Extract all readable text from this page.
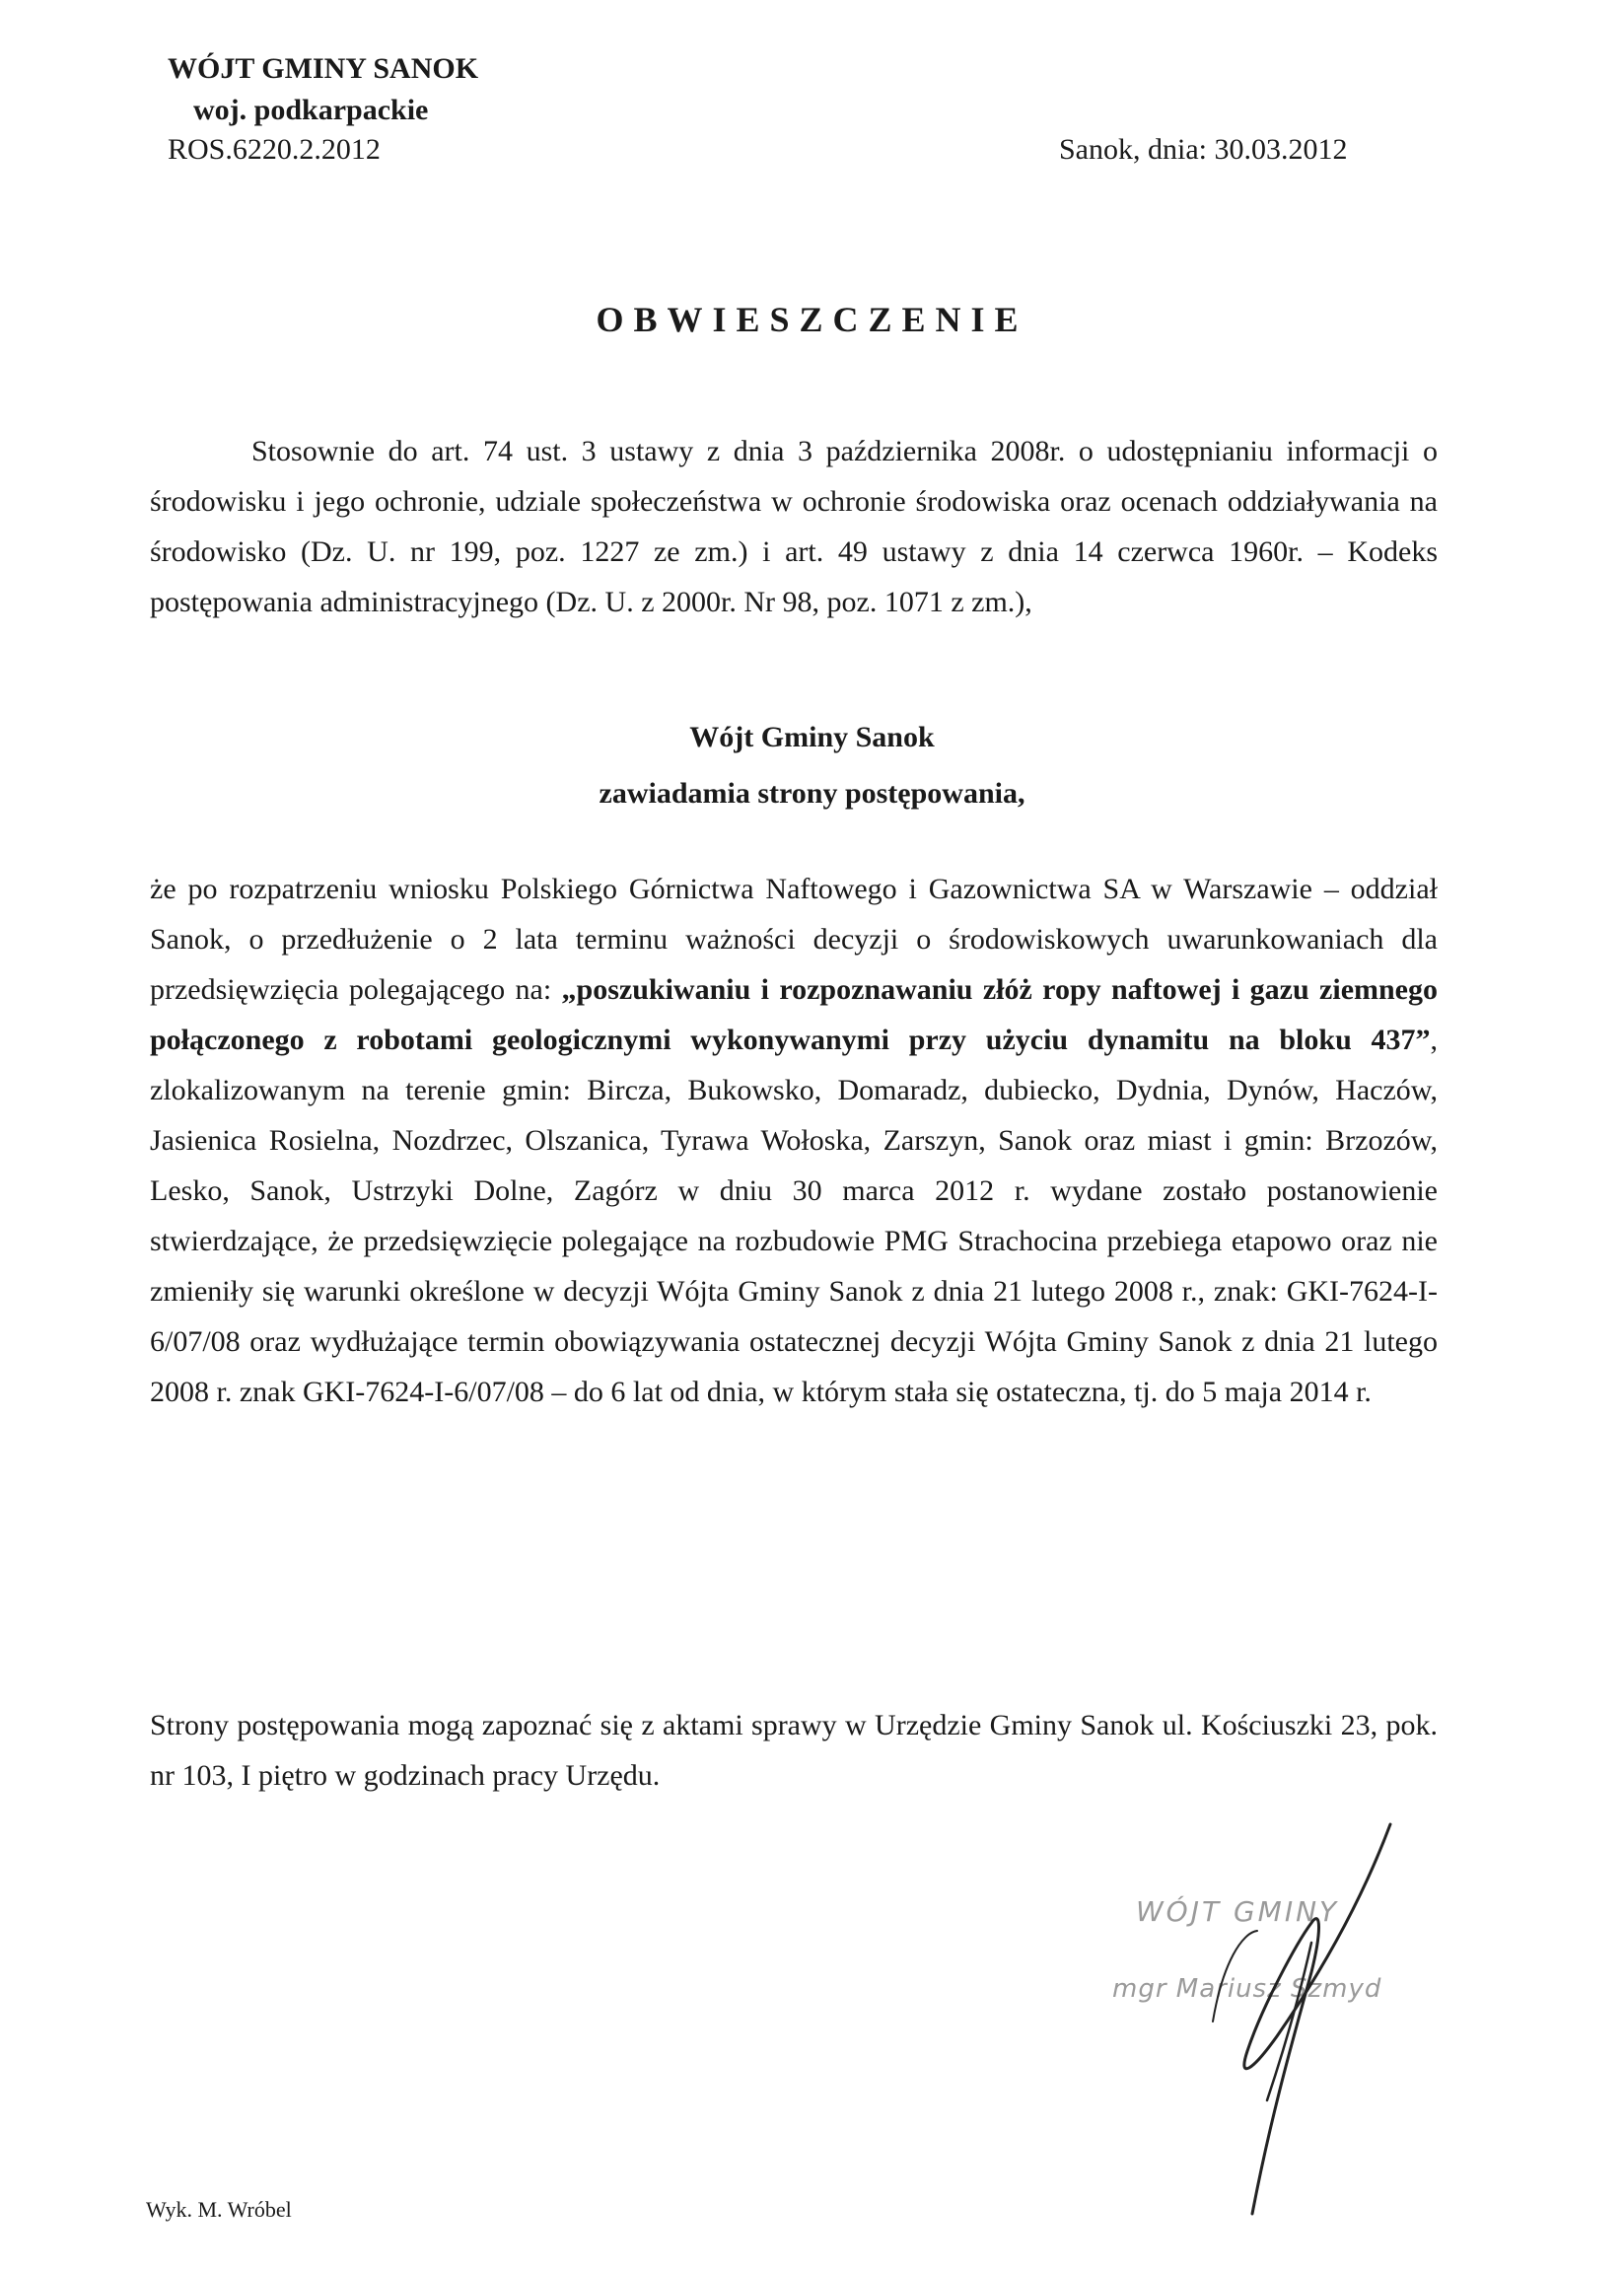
WÓJT GMINY SANOK
woj. podkarpackie
ROS.6220.2.2012	Sanok, dnia: 30.03.2012
OBWIESZCZENIE

Stosownie do art. 74 ust. 3 ustawy z dnia 3 października 2008r. o udostępnianiu informacji o środowisku i jego ochronie, udziale społeczeństwa w ochronie środowiska oraz ocenach oddziaływania na środowisko (Dz. U. nr 199, poz. 1227 ze zm.) i art. 49 ustawy z dnia 14 czerwca 1960r. – Kodeks postępowania administracyjnego (Dz. U. z 2000r. Nr 98, poz. 1071 z zm.),

Wójt Gminy Sanok
zawiadamia strony postępowania,

że po rozpatrzeniu wniosku Polskiego Górnictwa Naftowego i Gazownictwa SA w Warszawie – oddział Sanok, o przedłużenie o 2 lata terminu ważności decyzji o środowiskowych uwarunkowaniach dla przedsięwzięcia polegającego na: „poszukiwaniu i rozpoznawaniu złóż ropy naftowej i gazu ziemnego połączonego z robotami geologicznymi wykonywanymi przy użyciu dynamitu na bloku 437”, zlokalizowanym na terenie gmin: Bircza, Bukowsko, Domaradz, dubiecko, Dydnia, Dynów, Haczów, Jasienica Rosielna, Nozdrzec, Olszanica, Tyrawa Wołoska, Zarszyn, Sanok oraz miast i gmin: Brzozów, Lesko, Sanok, Ustrzyki Dolne, Zagórz w dniu 30 marca 2012 r. wydane zostało postanowienie stwierdzające, że przedsięwzięcie polegające na rozbudowie PMG Strachocina przebiega etapowo oraz nie zmieniły się warunki określone w decyzji Wójta Gminy Sanok z dnia 21 lutego 2008 r., znak: GKI-7624-I-6/07/08 oraz wydłużające termin obowiązywania ostatecznej decyzji Wójta Gminy Sanok z dnia 21 lutego 2008 r. znak GKI-7624-I-6/07/08 – do 6 lat od dnia, w którym stała się ostateczna, tj. do 5 maja 2014 r.

Strony postępowania mogą zapoznać się z aktami sprawy w Urzędzie Gminy Sanok ul. Kościuszki 23, pok. nr 103, I piętro w godzinach pracy Urzędu.

WÓJT GMINY
mgr Mariusz Szmyd
Wyk. M. Wróbel
